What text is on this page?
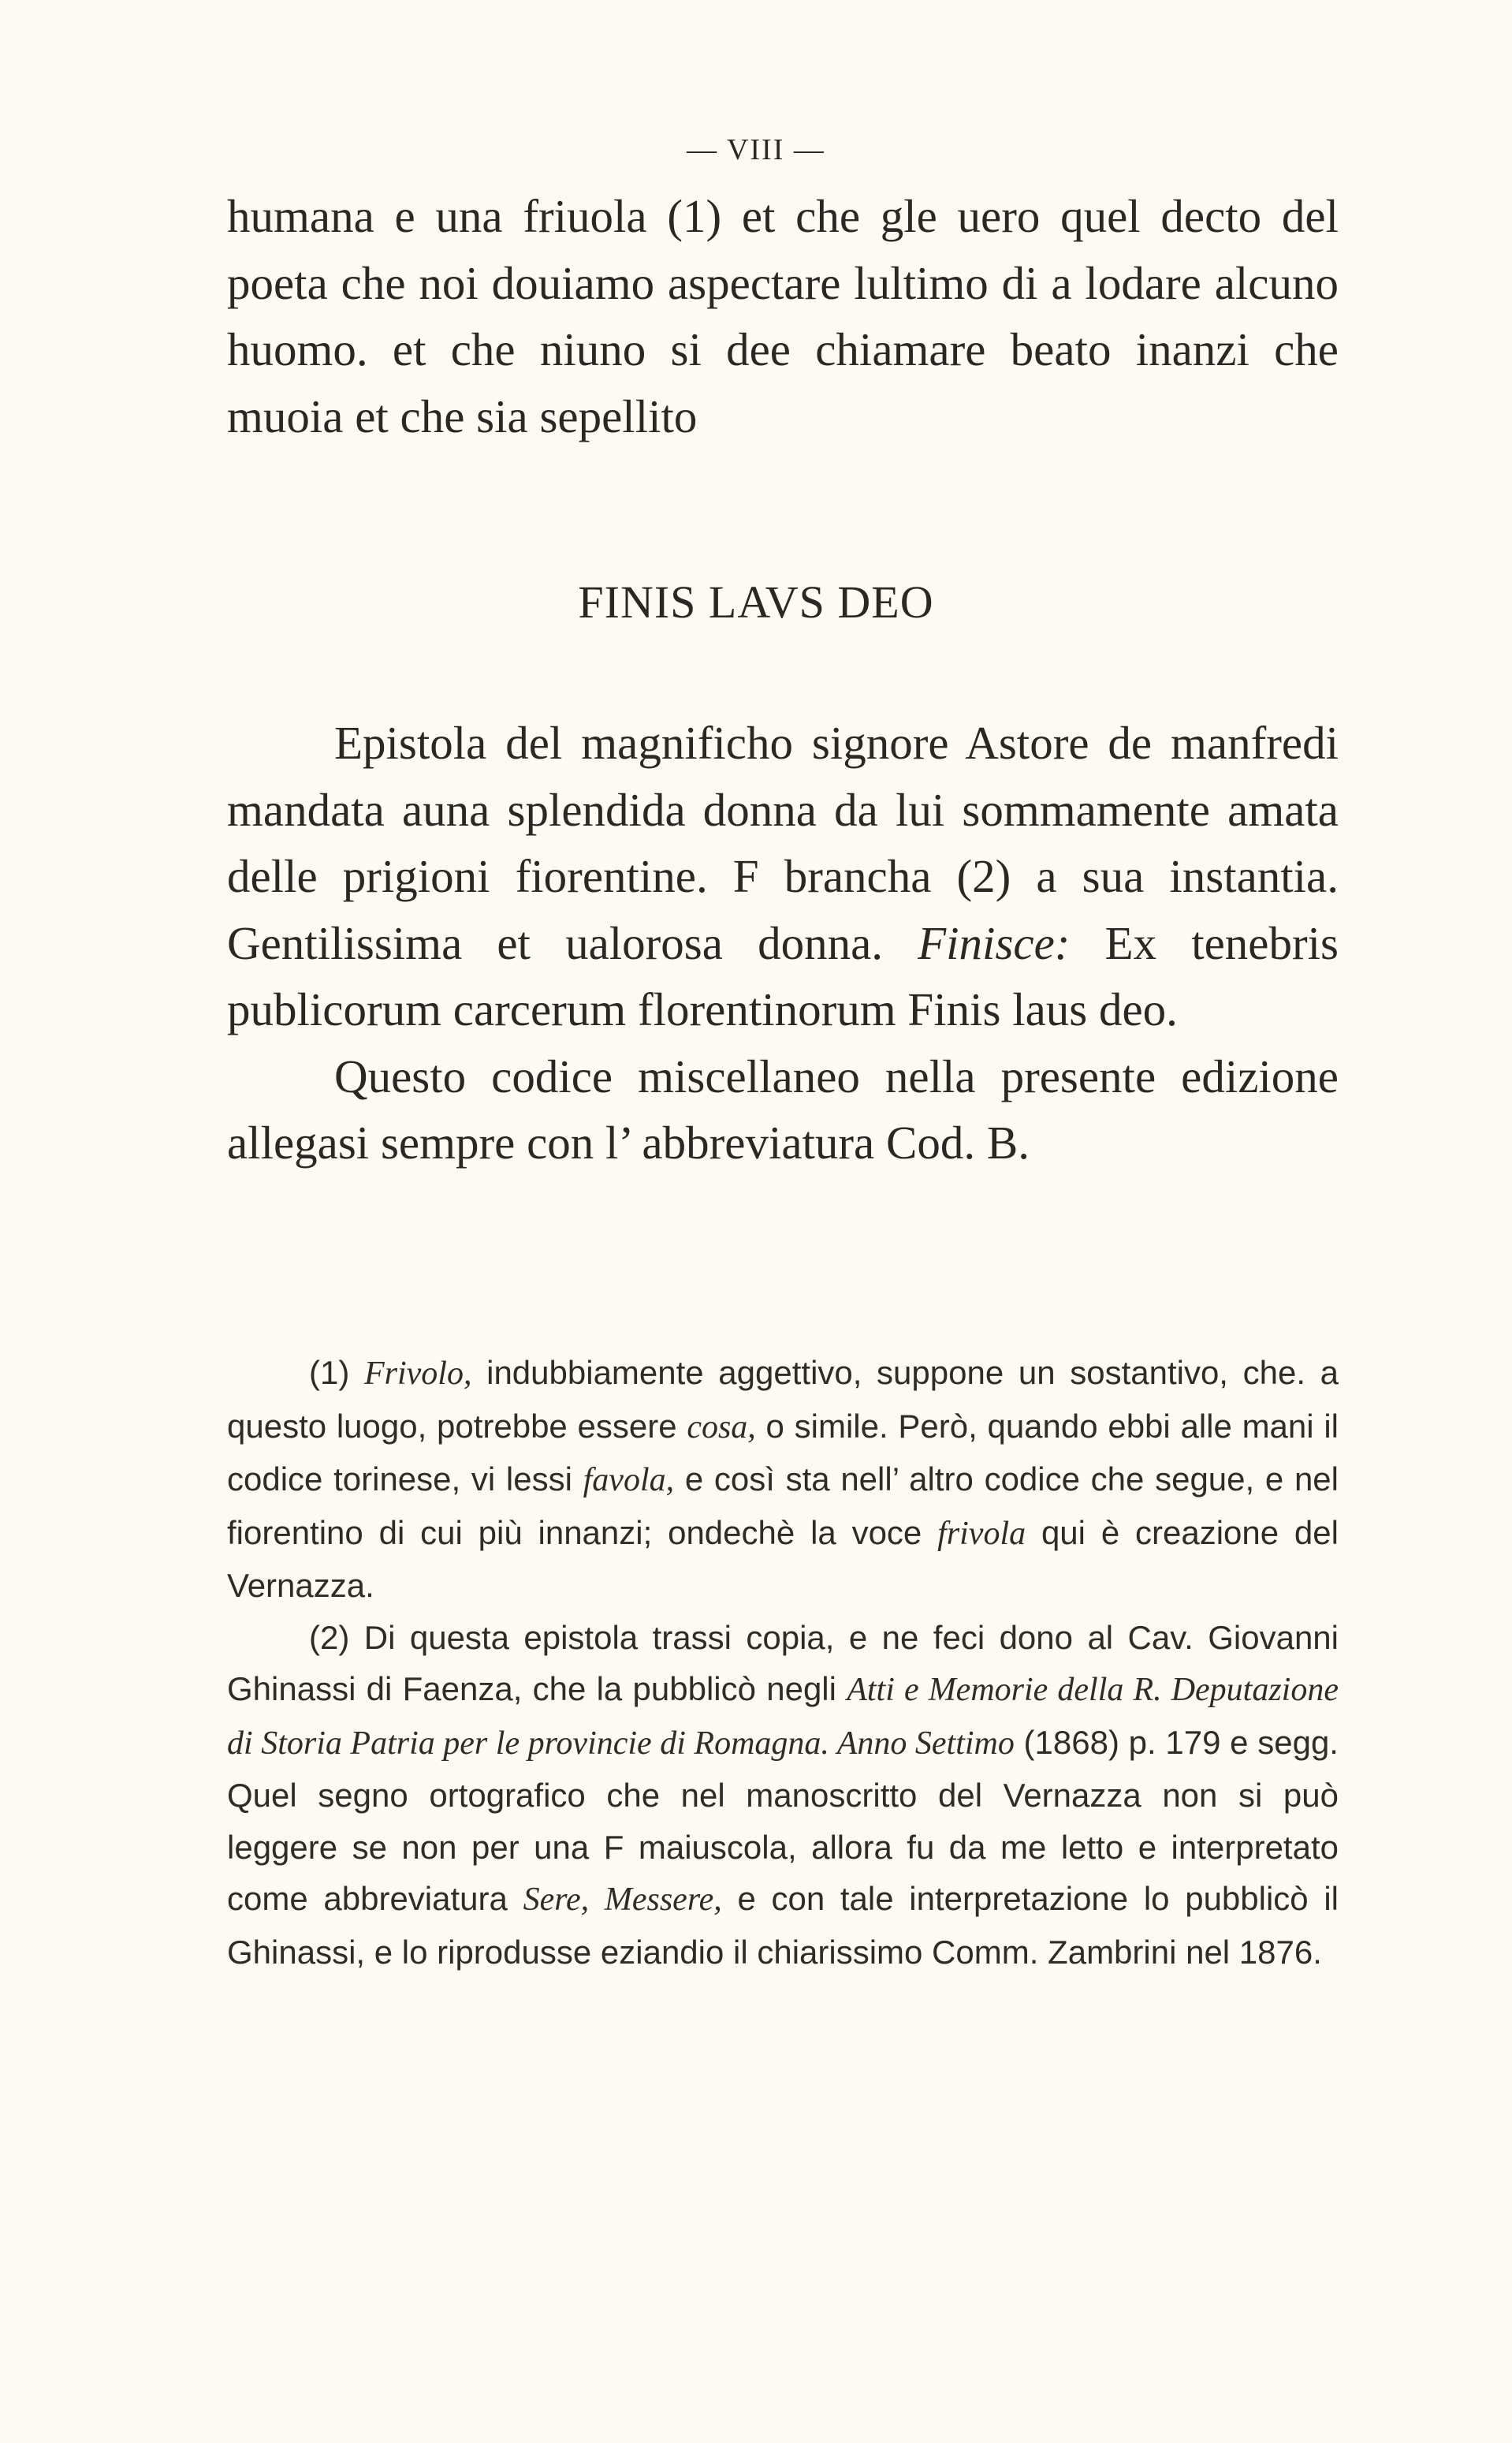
— VIII —

humana e una friuola (1) et che gle uero quel decto del poeta che noi douiamo aspectare lultimo di a lodare alcuno huomo. et che niuno si dee chiamare beato inanzi che muoia et che sia sepellito

FINIS LAVS DEO

Epistola del magnificho signore Astore de manfredi mandata auna splendida donna da lui sommamente amata delle prigioni fiorentine. F brancha (2) a sua instantia. Gentilissima et ualorosa donna. Finisce: Ex tenebris publicorum carcerum florentinorum Finis laus deo.
Questo codice miscellaneo nella presente edizione allegasi sempre con l’ abbreviatura Cod. B.

(1) Frivolo, indubbiamente aggettivo, suppone un sostantivo, che. a questo luogo, potrebbe essere cosa, o simile. Però, quando ebbi alle mani il codice torinese, vi lessi favola, e così sta nell’ altro codice che segue, e nel fiorentino di cui più innanzi; ondechè la voce frivola qui è creazione del Vernazza.

(2) Di questa epistola trassi copia, e ne feci dono al Cav. Giovanni Ghinassi di Faenza, che la pubblicò negli Atti e Memorie della R. Deputazione di Storia Patria per le provincie di Romagna. Anno Settimo (1868) p. 179 e segg. Quel segno ortografico che nel manoscritto del Vernazza non si può leggere se non per una F maiuscola, allora fu da me letto e interpretato come abbreviatura Sere, Messere, e con tale interpretazione lo pubblicò il Ghinassi, e lo riprodusse eziandio il chiarissimo Comm. Zambrini nel 1876.
